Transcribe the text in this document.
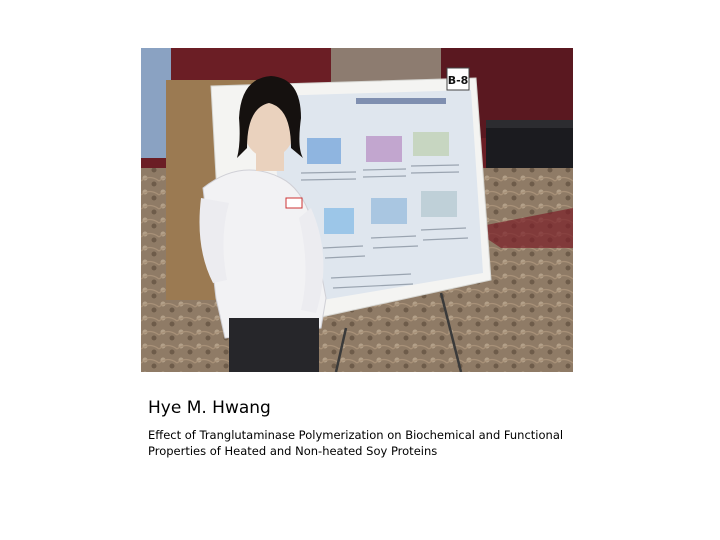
B-8
Hye M. Hwang
Effect of Tranglutaminase Polymerization on Biochemical and Functional
Properties of Heated and Non-heated Soy Proteins
